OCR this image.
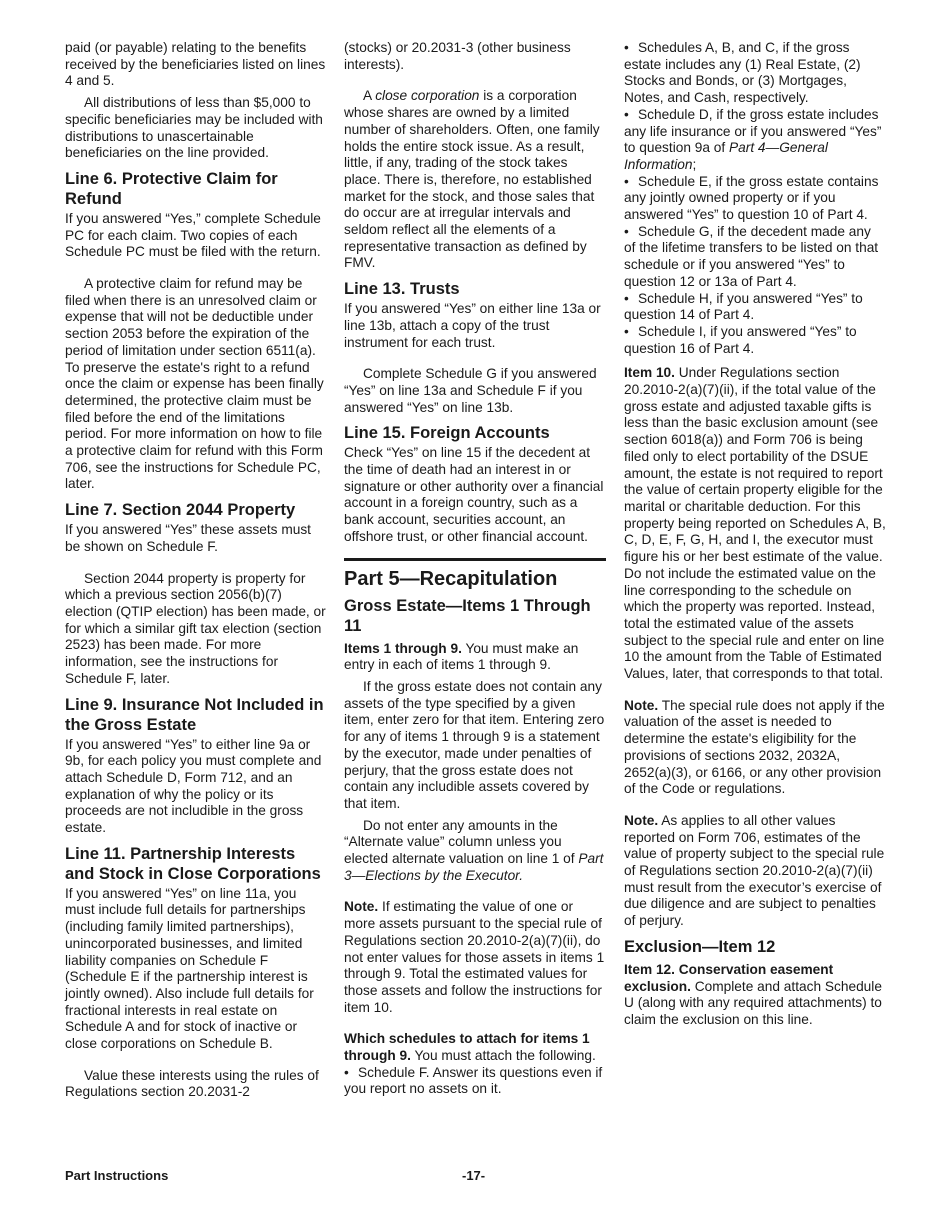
paid (or payable) relating to the benefits received by the beneficiaries listed on lines 4 and 5.

All distributions of less than $5,000 to specific beneficiaries may be included with distributions to unascertainable beneficiaries on the line provided.

Line 6. Protective Claim for Refund

If you answered “Yes,” complete Schedule PC for each claim. Two copies of each Schedule PC must be filed with the return.

A protective claim for refund may be filed when there is an unresolved claim or expense that will not be deductible under section 2053 before the expiration of the period of limitation under section 6511(a). To preserve the estate's right to a refund once the claim or expense has been finally determined, the protective claim must be filed before the end of the limitations period. For more information on how to file a protective claim for refund with this Form 706, see the instructions for Schedule PC, later.

Line 7. Section 2044 Property

If you answered “Yes” these assets must be shown on Schedule F.

Section 2044 property is property for which a previous section 2056(b)(7) election (QTIP election) has been made, or for which a similar gift tax election (section 2523) has been made. For more information, see the instructions for Schedule F, later.

Line 9. Insurance Not Included in the Gross Estate

If you answered “Yes” to either line 9a or 9b, for each policy you must complete and attach Schedule D, Form 712, and an explanation of why the policy or its proceeds are not includible in the gross estate.

Line 11. Partnership Interests and Stock in Close Corporations

If you answered “Yes” on line 11a, you must include full details for partnerships (including family limited partnerships), unincorporated businesses, and limited liability companies on Schedule F (Schedule E if the partnership interest is jointly owned). Also include full details for fractional interests in real estate on Schedule A and for stock of inactive or close corporations on Schedule B.

Value these interests using the rules of Regulations section 20.2031-2

(stocks) or 20.2031-3 (other business interests).

A close corporation is a corporation whose shares are owned by a limited number of shareholders. Often, one family holds the entire stock issue. As a result, little, if any, trading of the stock takes place. There is, therefore, no established market for the stock, and those sales that do occur are at irregular intervals and seldom reflect all the elements of a representative transaction as defined by FMV.

Line 13. Trusts

If you answered “Yes” on either line 13a or line 13b, attach a copy of the trust instrument for each trust.

Complete Schedule G if you answered “Yes” on line 13a and Schedule F if you answered “Yes” on line 13b.

Line 15. Foreign Accounts

Check “Yes” on line 15 if the decedent at the time of death had an interest in or signature or other authority over a financial account in a foreign country, such as a bank account, securities account, an offshore trust, or other financial account.

Part 5—Recapitulation
Gross Estate—Items 1 Through 11

Items 1 through 9. You must make an entry in each of items 1 through 9.

If the gross estate does not contain any assets of the type specified by a given item, enter zero for that item. Entering zero for any of items 1 through 9 is a statement by the executor, made under penalties of perjury, that the gross estate does not contain any includible assets covered by that item.

Do not enter any amounts in the “Alternate value” column unless you elected alternate valuation on line 1 of Part 3—Elections by the Executor.

Note. If estimating the value of one or more assets pursuant to the special rule of Regulations section 20.2010-2(a)(7)(ii), do not enter values for those assets in items 1 through 9. Total the estimated values for those assets and follow the instructions for item 10.

Which schedules to attach for items 1 through 9. You must attach the following.

• Schedule F. Answer its questions even if you report no assets on it.

• Schedules A, B, and C, if the gross estate includes any (1) Real Estate, (2) Stocks and Bonds, or (3) Mortgages, Notes, and Cash, respectively.

• Schedule D, if the gross estate includes any life insurance or if you answered “Yes” to question 9a of Part 4—General Information;

• Schedule E, if the gross estate contains any jointly owned property or if you answered “Yes” to question 10 of Part 4.

• Schedule G, if the decedent made any of the lifetime transfers to be listed on that schedule or if you answered “Yes” to question 12 or 13a of Part 4.

• Schedule H, if you answered “Yes” to question 14 of Part 4.

• Schedule I, if you answered “Yes” to question 16 of Part 4.

Item 10. Under Regulations section 20.2010-2(a)(7)(ii), if the total value of the gross estate and adjusted taxable gifts is less than the basic exclusion amount (see section 6018(a)) and Form 706 is being filed only to elect portability of the DSUE amount, the estate is not required to report the value of certain property eligible for the marital or charitable deduction. For this property being reported on Schedules A, B, C, D, E, F, G, H, and I, the executor must figure his or her best estimate of the value. Do not include the estimated value on the line corresponding to the schedule on which the property was reported. Instead, total the estimated value of the assets subject to the special rule and enter on line 10 the amount from the Table of Estimated Values, later, that corresponds to that total.

Note. The special rule does not apply if the valuation of the asset is needed to determine the estate's eligibility for the provisions of sections 2032, 2032A, 2652(a)(3), or 6166, or any other provision of the Code or regulations.

Note. As applies to all other values reported on Form 706, estimates of the value of property subject to the special rule of Regulations section 20.2010-2(a)(7)(ii) must result from the executor’s exercise of due diligence and are subject to penalties of perjury.

Exclusion—Item 12

Item 12. Conservation easement exclusion. Complete and attach Schedule U (along with any required attachments) to claim the exclusion on this line.

Part Instructions	-17-
